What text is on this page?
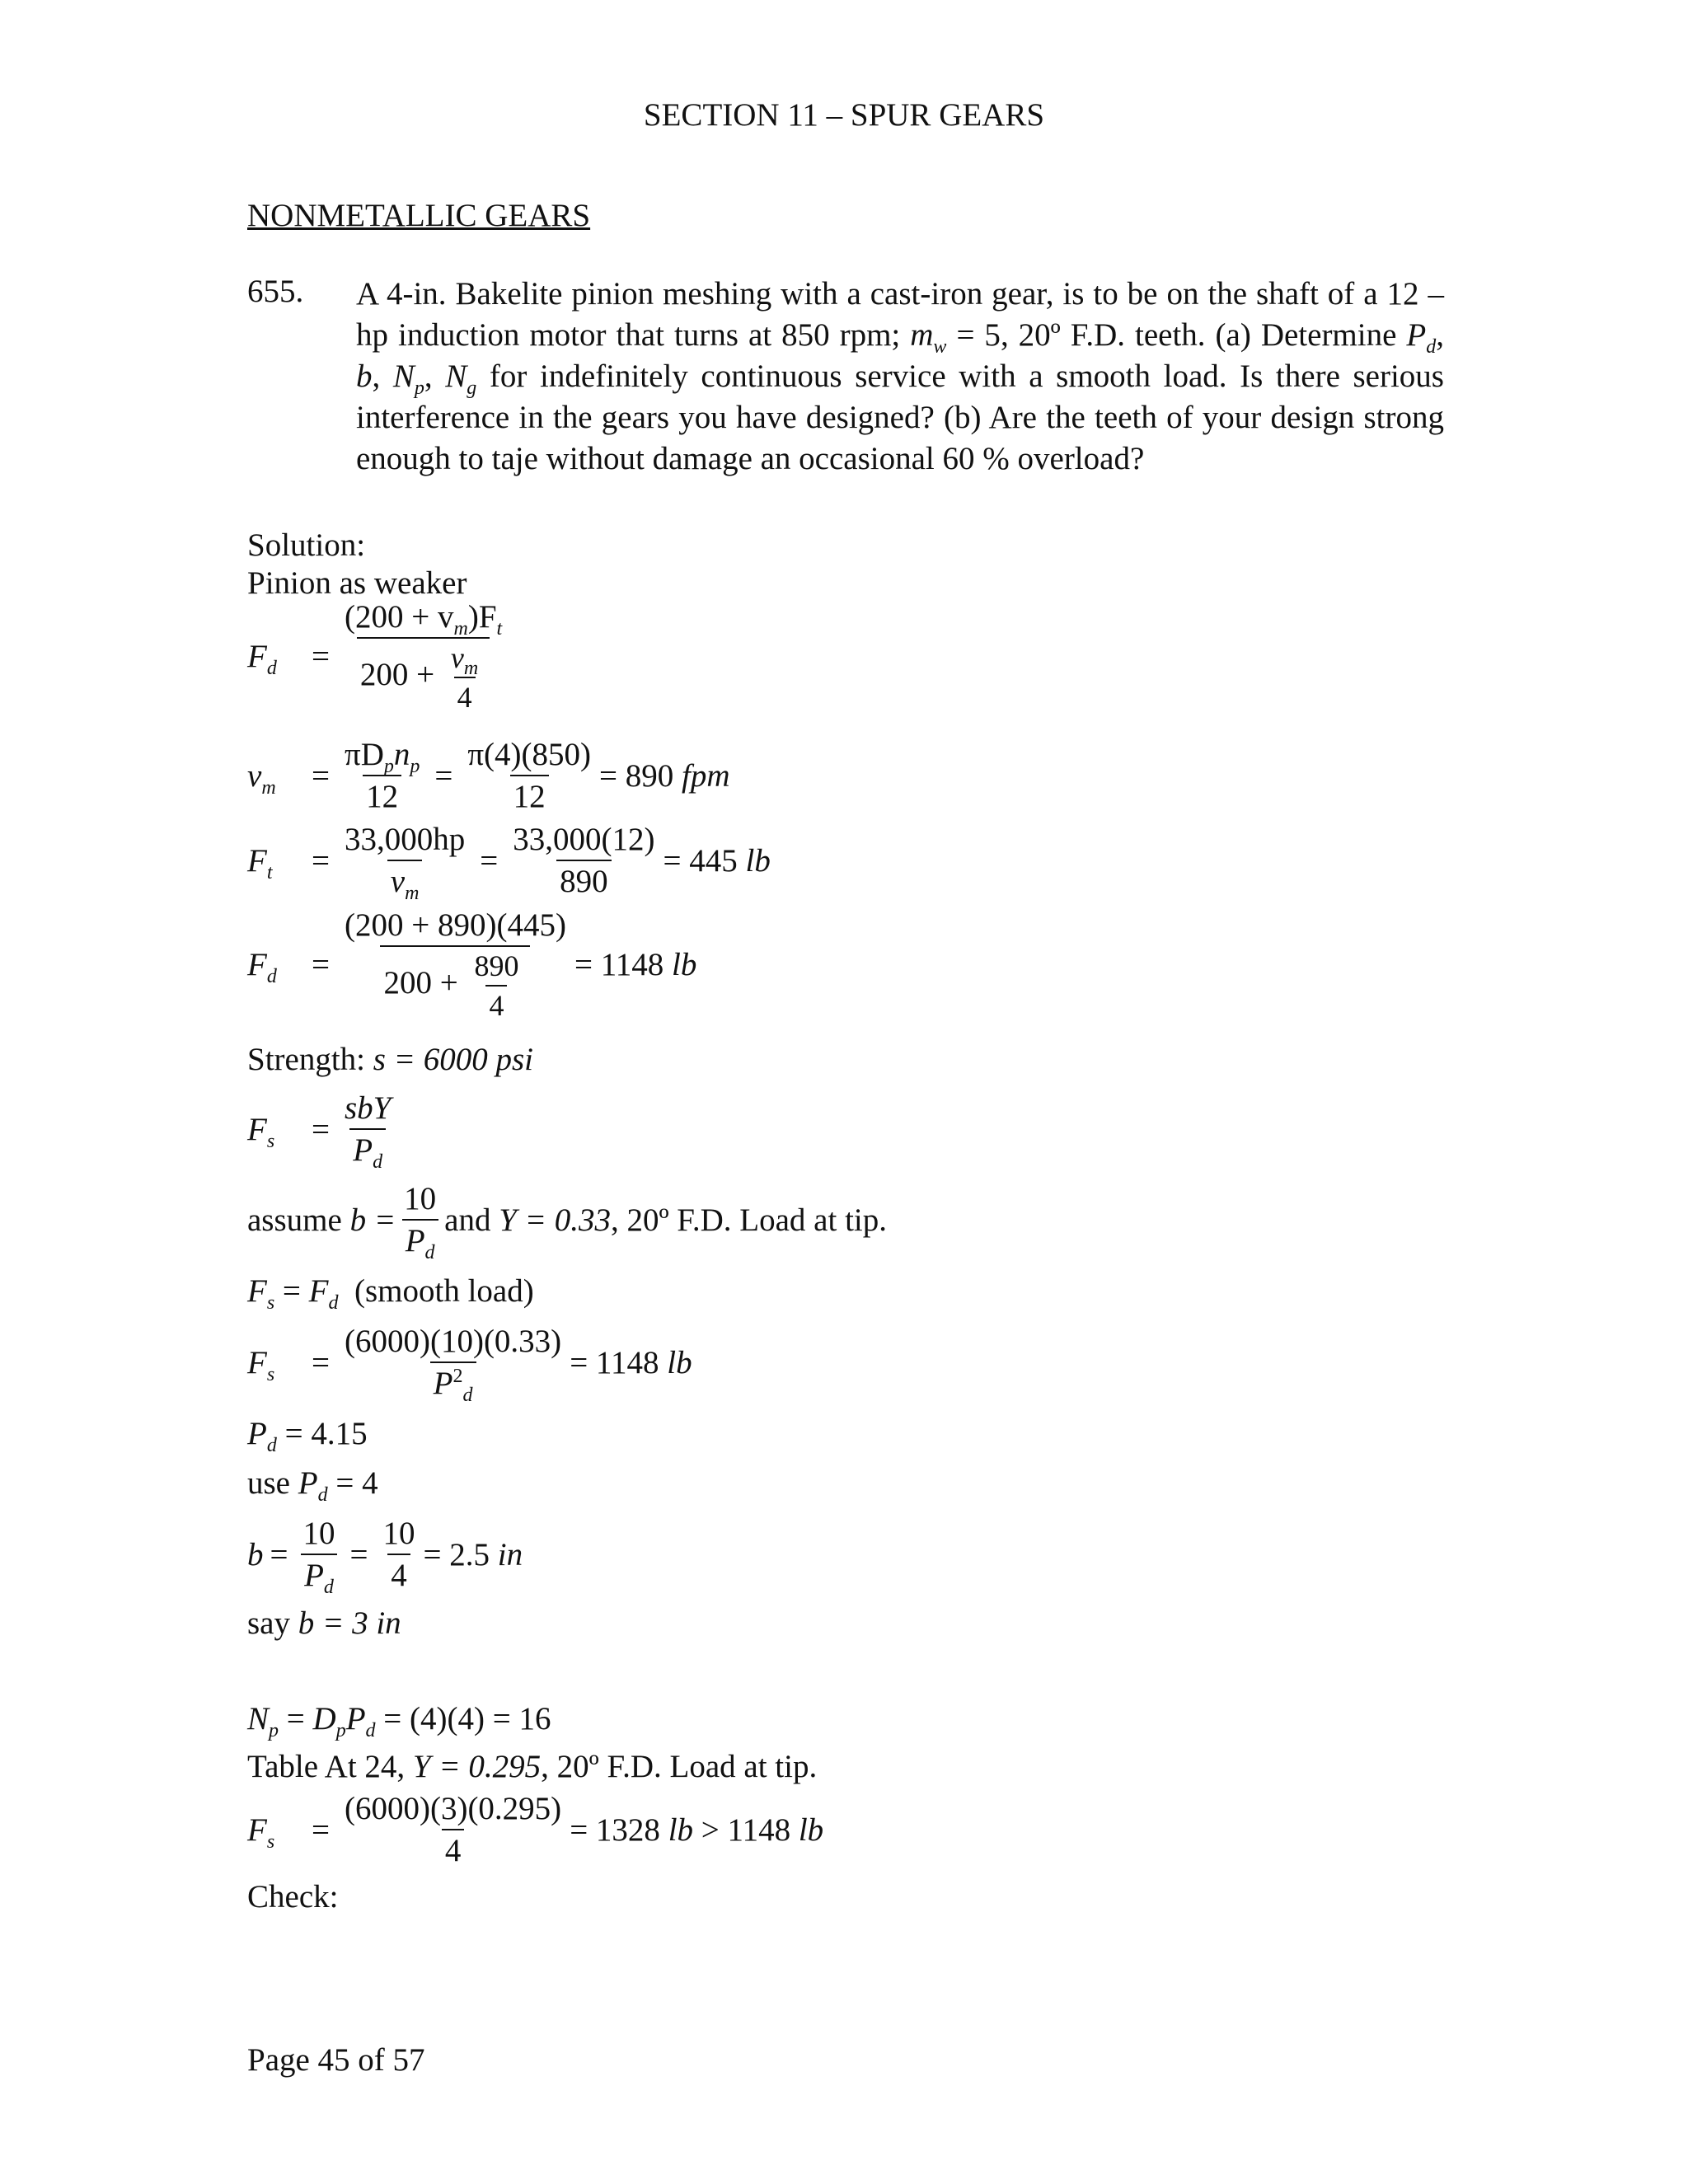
SECTION 11 – SPUR GEARS
NONMETALLIC GEARS
655. A 4-in. Bakelite pinion meshing with a cast-iron gear, is to be on the shaft of a 12 –hp induction motor that turns at 850 rpm; $m_w = 5$, 20º F.D. teeth. (a) Determine $P_d$, b, $N_p$, $N_g$ for indefinitely continuous service with a smooth load. Is there serious interference in the gears you have designed? (b) Are the teeth of your design strong enough to taje without damage an occasional 60 % overload?

Solution:
Pinion as weaker
$F_d$	= $\frac{(200 + v_m)F_t}{200 + \frac{v_m}{4}}$
$v_m$	= $\frac{\pi D_pn_p}{12} = \frac{\pi(4)(850)}{12} = 890$
fpm
$F_t$	= $\frac{33,000hp}{v_m} = \frac{33,000(12)}{890} = 445$
lb
$F_d$	= $\frac{(200 + 890)(445)}{200 + \frac{890}{4}} = 1148$
lb
Strength: s = 6000 psi
$F_s$	= $\frac{\text{sbY}}{P_d}$
assume
$b = \frac{10}{P_d}$ and
Y = 0.33 , 20º F.D. Load at tip.
$F_s = F_d$ (smooth load)
$F_s$	= $\frac{(6000)(10)(0.33)}{P^2_d} = 1148$
lb
$P_d = 4.15$
use $P_d = 4$
$b = \frac{10}{P_d} = \frac{10}{4} = 2.5$
in
say b = 3 in
$N_p = D_pP_d = (4)(4) = 16$
Table At 24, Y = 0.295, 20º F.D. Load at tip.
$F_s$	= $\frac{(6000)(3)(0.295)}{4} = 1328$
lb
> 1148
lb
Check:
Page 45 of 57
